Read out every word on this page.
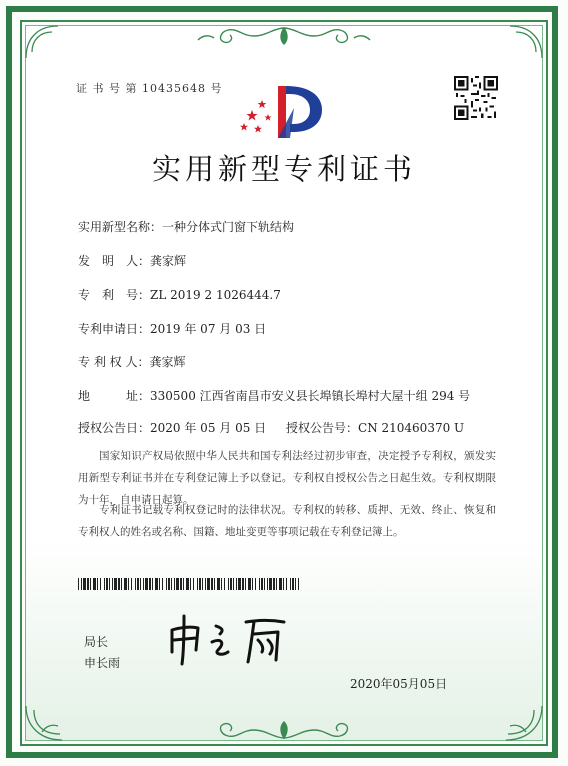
证 书 号 第 10435648 号
实用新型专利证书
实用新型名称：一种分体式门窗下轨结构
发　明　人：龚家辉
专　利　号：ZL 2019 2 1026444.7
专利申请日：2019 年 07 月 03 日
专 利 权 人：龚家辉
地　　　址：330500 江西省南昌市安义县长埠镇长埠村大屋十组 294 号
授权公告日：2020 年 05 月 05 日 授权公告号：CN 210460370 U
国家知识产权局依照中华人民共和国专利法经过初步审查，决定授予专利权，颁发实用新型专利证书并在专利登记簿上予以登记。专利权自授权公告之日起生效。专利权期限为十年，自申请日起算。
专利证书记载专利权登记时的法律状况。专利权的转移、质押、无效、终止、恢复和专利权人的姓名或名称、国籍、地址变更等事项记载在专利登记簿上。
局长
申长雨
2020年05月05日
